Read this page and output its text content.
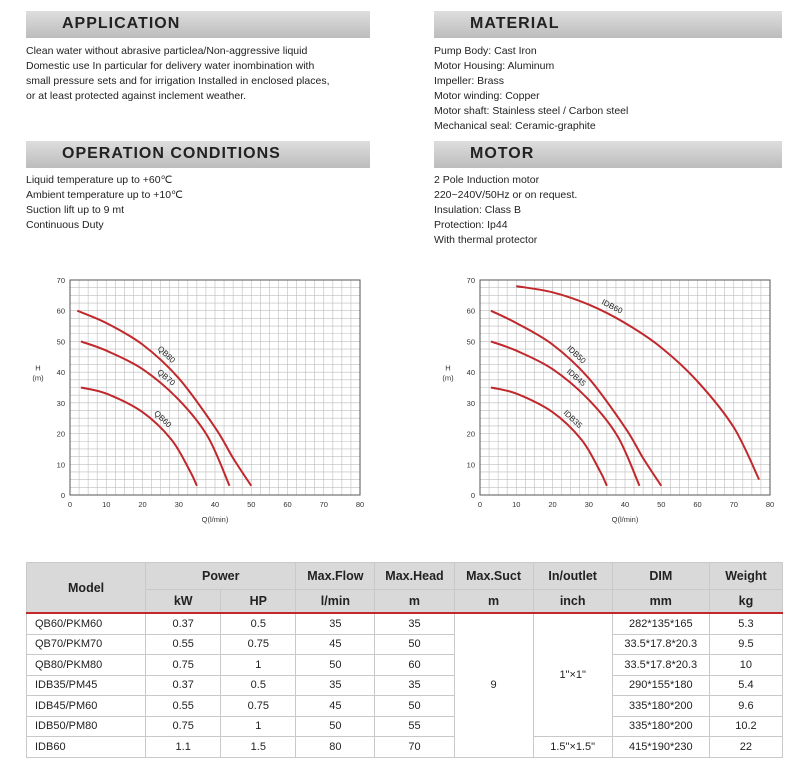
APPLICATION	MATERIAL
OPERATION CONDITIONS	MOTOR
Clean water without abrasive particlea/Non-aggressive liquid
Domestic use In particular for delivery water inombination with
small pressure sets and for irrigation Installed in enclosed places,
or at least protected against inclement weather.
Pump Body: Cast Iron
Motor Housing: Aluminum
Impeller: Brass
Motor winding: Copper
Motor shaft: Stainless steel / Carbon steel
Mechanical seal: Ceramic-graphite
Liquid temperature up to +60℃
Ambient temperature up to +10℃
Suction lift up to 9 mt
Continuous Duty
2 Pole Induction motor
220~240V/50Hz or on request.
Insulation: Class B
Protection: Ip44
With thermal protector
0	10	20	30	40	50	60	70	80
0
10
20
30
40
50
60
70
H
(m)
Q(l/min)
QB80
QB70
QB60
0	10	20	30	40	50	60	70	80
0
10
20
30
40
50
60
70
H
(m)
Q(l/min)
IDB60
IDB50
IDB45
IDB35
Model	Power		Max.Flow	Max.Head	Max.Suct	In/outlet	DIM	Weight
	kW	HP	l/min	m	m	inch	mm	kg
QB60/PKM60	0.37	0.5	35	35	9	1"×1"	282*135*165	5.3
QB70/PKM70	0.55	0.75	45	50			33.5*17.8*20.3	9.5
QB80/PKM80	0.75	1	50	60			33.5*17.8*20.3	10
IDB35/PM45	0.37	0.5	35	35			290*155*180	5.4
IDB45/PM60	0.55	0.75	45	50			335*180*200	9.6
IDB50/PM80	0.75	1	50	55			335*180*200	10.2
IDB60	1.1	1.5	80	70		1.5"×1.5"	415*190*230	22
